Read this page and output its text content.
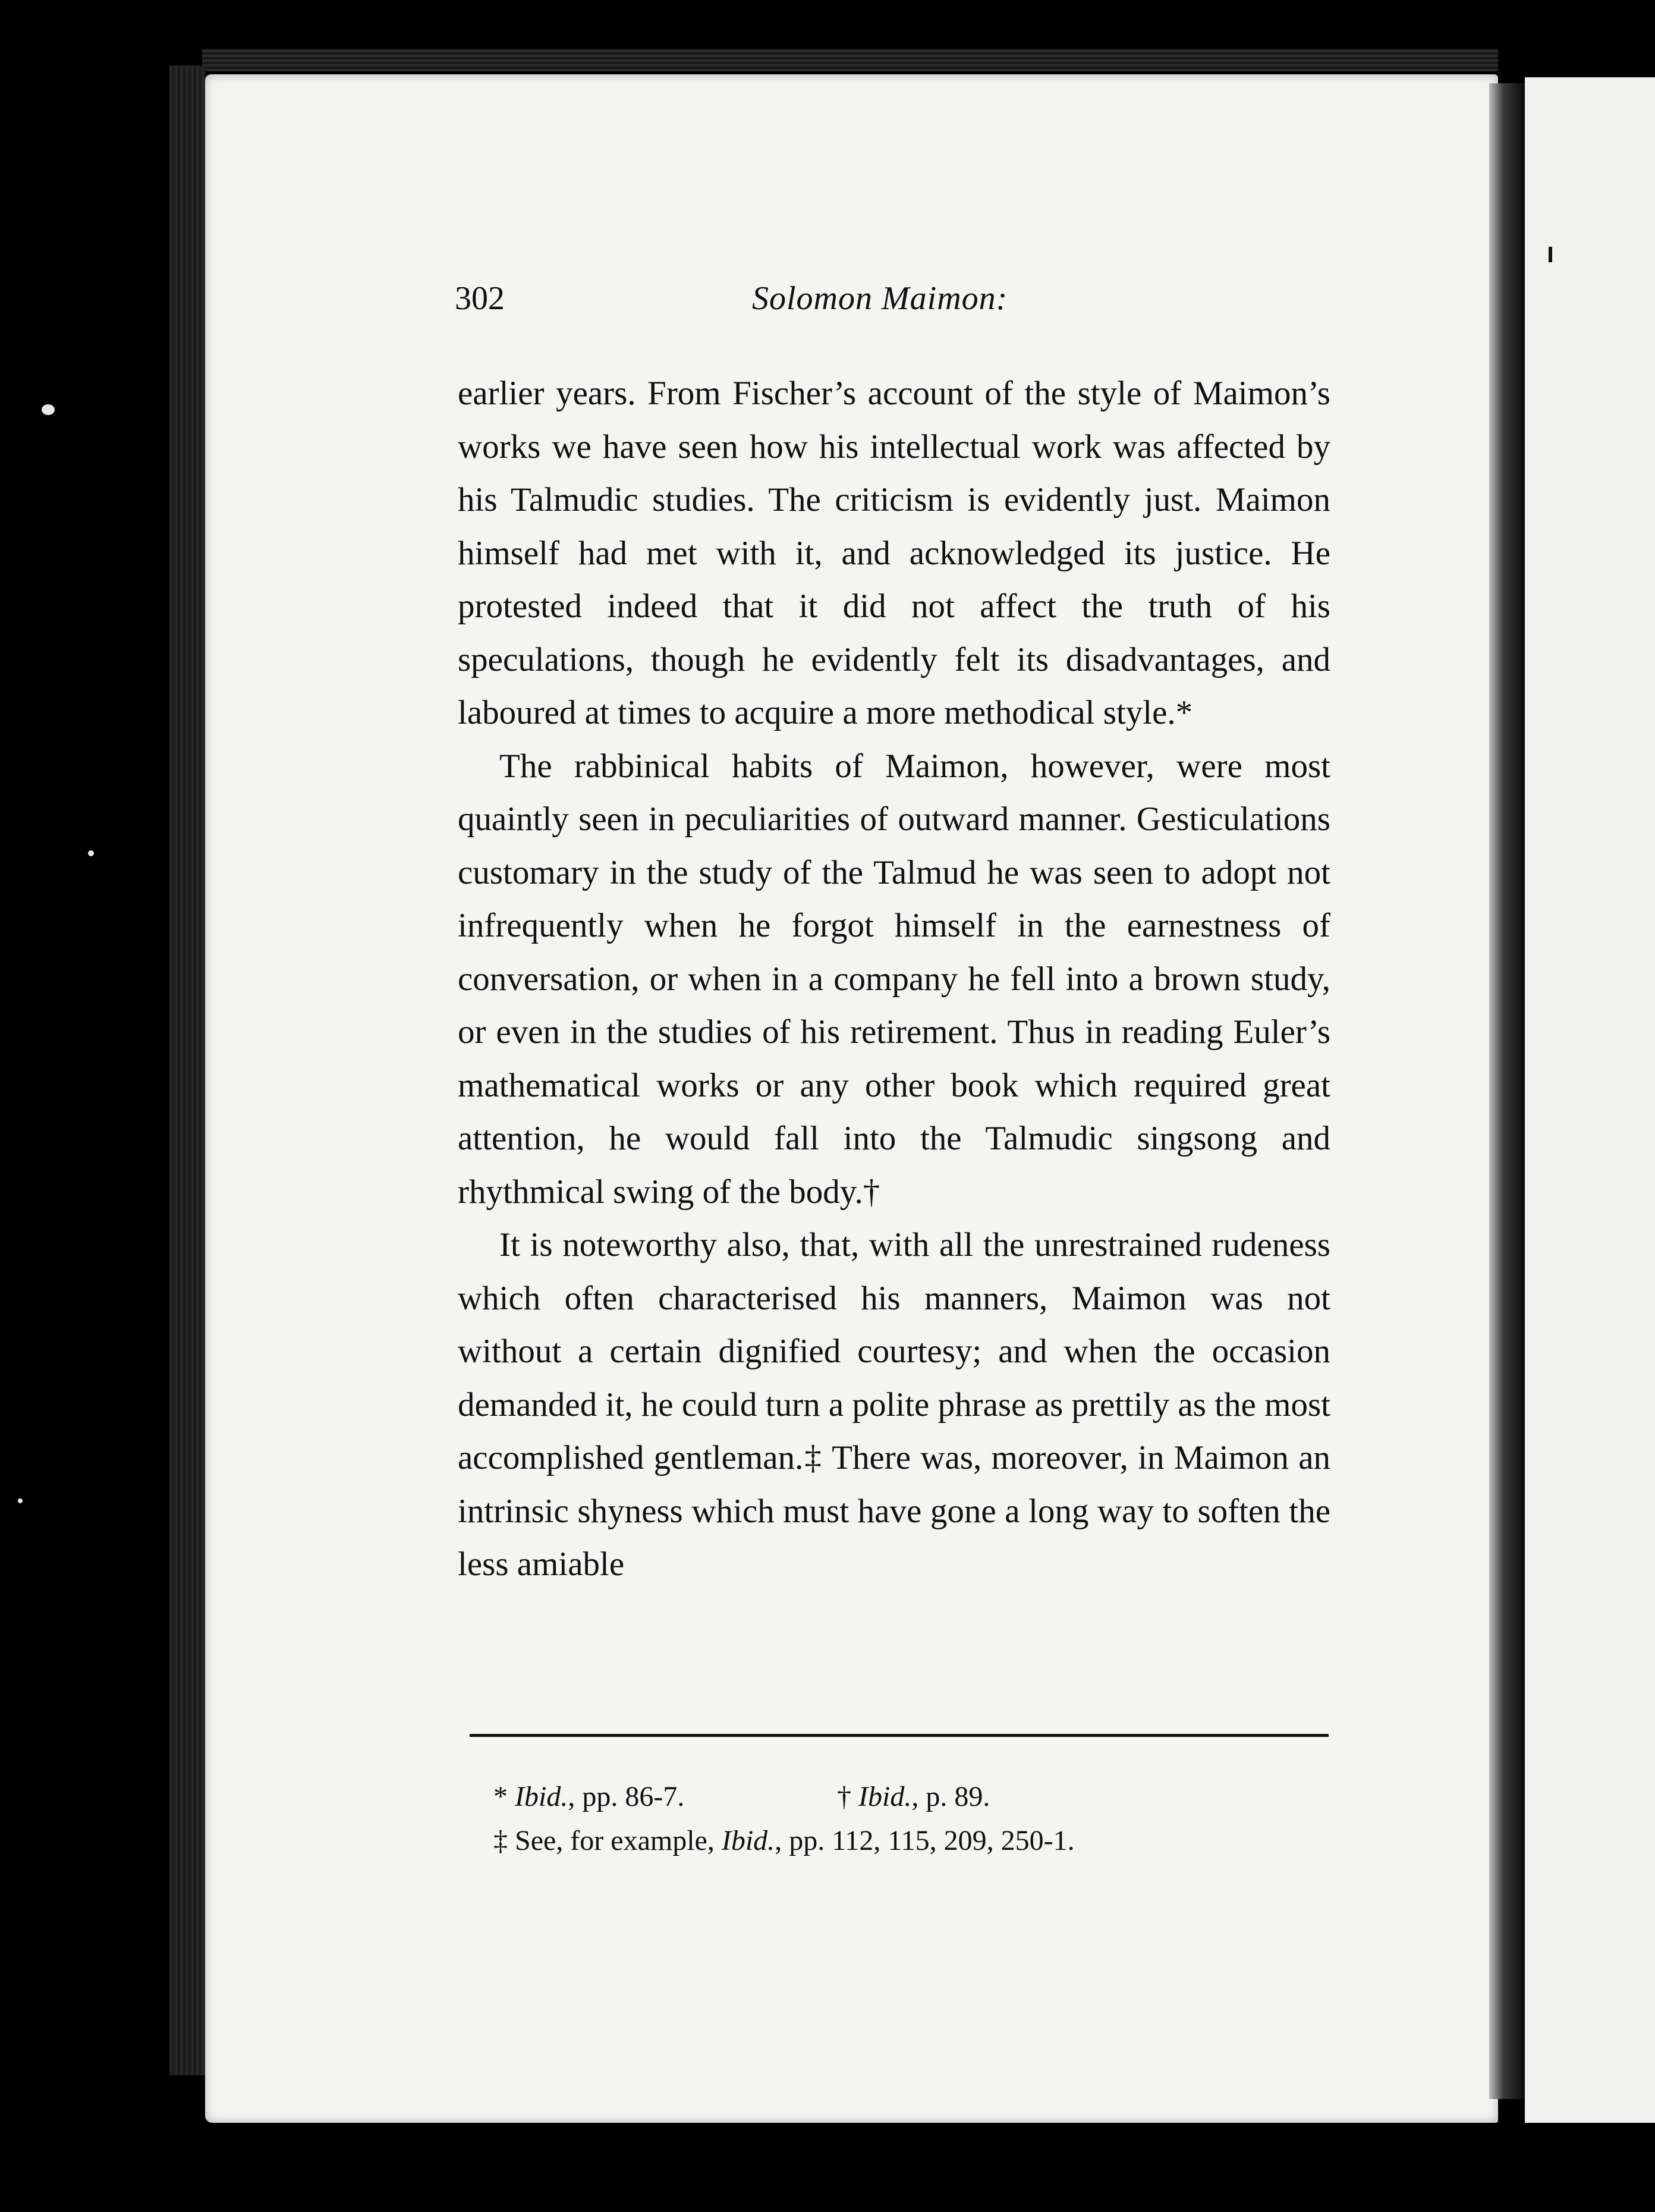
302	Solomon Maimon:

earlier years. From Fischer’s account of the style of Maimon’s works we have seen how his intellectual work was affected by his Talmudic studies. The criticism is evidently just. Maimon himself had met with it, and acknowledged its justice. He protested indeed that it did not affect the truth of his speculations, though he evidently felt its disadvantages, and laboured at times to acquire a more methodical style.*

The rabbinical habits of Maimon, however, were most quaintly seen in peculiarities of outward manner. Gesticulations customary in the study of the Talmud he was seen to adopt not infrequently when he forgot himself in the earnestness of conversation, or when in a company he fell into a brown study, or even in the studies of his retirement. Thus in reading Euler’s mathematical works or any other book which required great attention, he would fall into the Talmudic singsong and rhythmical swing of the body.†

It is noteworthy also, that, with all the unrestrained rudeness which often characterised his manners, Maimon was not without a certain dignified courtesy; and when the occasion demanded it, he could turn a polite phrase as prettily as the most accomplished gentleman.‡ There was, moreover, in Maimon an intrinsic shyness which must have gone a long way to soften the less amiable

* Ibid., pp. 86-7.	† Ibid., p. 89.
‡ See, for example, Ibid., pp. 112, 115, 209, 250-1.
